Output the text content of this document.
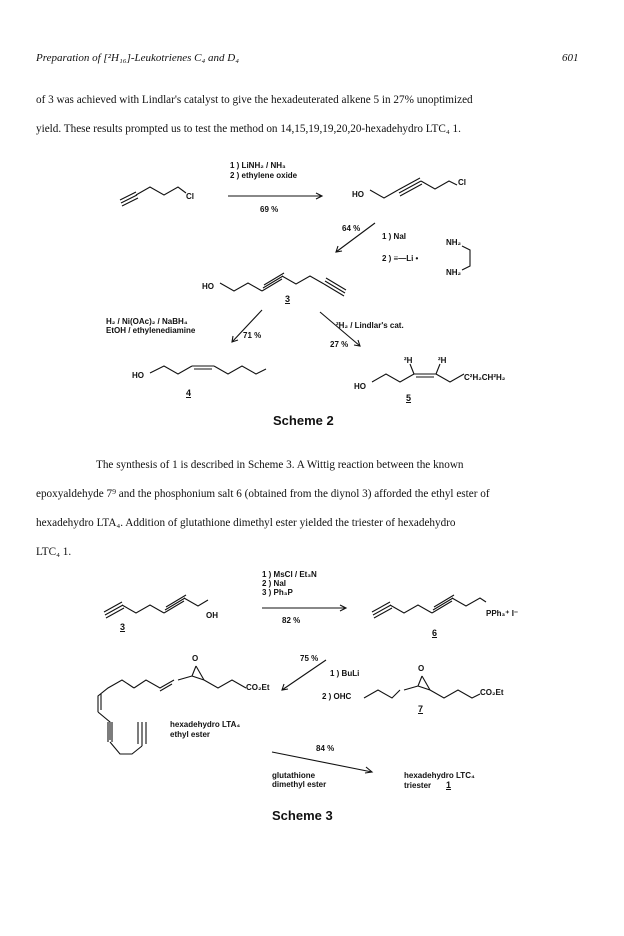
Preparation of [²H₁₆]-Leukotrienes C₄ and D₄	601
of 3 was achieved with Lindlar's catalyst to give the hexadeuterated alkene 5 in 27% unoptimized
yield. These results prompted us to test the method on 14,15,19,19,20,20-hexadehydro LTC₄ 1.
Cl
1 ) LiNH₂ / NH₃
2 ) ethylene oxide
69 %
HO
Cl
64 %
1 ) NaI
2 ) ≡—Li •
NH₂
NH₂
HO
3
H₂ / Ni(OAc)₂ / NaBH₄
EtOH / ethylenediamine
71 %
²H₂ / Lindlar's cat.
27 %
HO
4
²H	²H
C²H₂CH²H₂
HO
5
Scheme 2
The synthesis of 1 is described in Scheme 3. A Wittig reaction between the known
epoxyaldehyde 7⁹ and the phosphonium salt 6 (obtained from the diynol 3) afforded the ethyl ester of
hexadehydro LTA₄. Addition of glutathione dimethyl ester yielded the triester of hexadehydro
LTC₄ 1.
1 ) MsCl / Et₃N
2 ) NaI
3 ) Ph₃P
82 %
OH
3
PPh₃⁺ I⁻
6
75 %
1 ) BuLi
2 ) OHC
O
CO₂Et
7
O
CO₂Et
hexadehydro LTA₄
ethyl ester
84 %
glutathione
dimethyl ester
hexadehydro LTC₄
triester 1
Scheme 3
